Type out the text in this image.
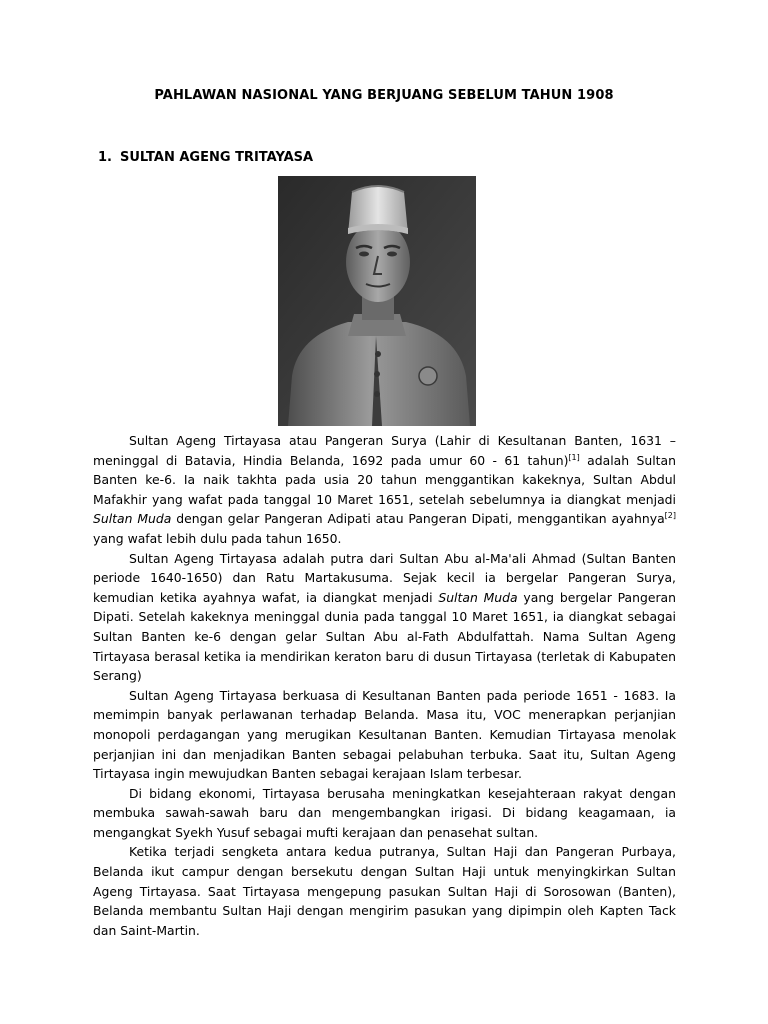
PAHLAWAN NASIONAL YANG BERJUANG SEBELUM TAHUN 1908
1. SULTAN AGENG TRITAYASA

Sultan Ageng Tirtayasa atau Pangeran Surya (Lahir di Kesultanan Banten, 1631 – meninggal di Batavia, Hindia Belanda, 1692 pada umur 60 - 61 tahun)[1] adalah Sultan Banten ke-6. Ia naik takhta pada usia 20 tahun menggantikan kakeknya, Sultan Abdul Mafakhir yang wafat pada tanggal 10 Maret 1651, setelah sebelumnya ia diangkat menjadi Sultan Muda dengan gelar Pangeran Adipati atau Pangeran Dipati, menggantikan ayahnya[2] yang wafat lebih dulu pada tahun 1650.

Sultan Ageng Tirtayasa adalah putra dari Sultan Abu al-Ma'ali Ahmad (Sultan Banten periode 1640-1650) dan Ratu Martakusuma. Sejak kecil ia bergelar Pangeran Surya, kemudian ketika ayahnya wafat, ia diangkat menjadi Sultan Muda yang bergelar Pangeran Dipati. Setelah kakeknya meninggal dunia pada tanggal 10 Maret 1651, ia diangkat sebagai Sultan Banten ke-6 dengan gelar Sultan Abu al-Fath Abdulfattah. Nama Sultan Ageng Tirtayasa berasal ketika ia mendirikan keraton baru di dusun Tirtayasa (terletak di Kabupaten Serang)

Sultan Ageng Tirtayasa berkuasa di Kesultanan Banten pada periode 1651 - 1683. Ia memimpin banyak perlawanan terhadap Belanda. Masa itu, VOC menerapkan perjanjian monopoli perdagangan yang merugikan Kesultanan Banten. Kemudian Tirtayasa menolak perjanjian ini dan menjadikan Banten sebagai pelabuhan terbuka. Saat itu, Sultan Ageng Tirtayasa ingin mewujudkan Banten sebagai kerajaan Islam terbesar.

Di bidang ekonomi, Tirtayasa berusaha meningkatkan kesejahteraan rakyat dengan membuka sawah-sawah baru dan mengembangkan irigasi. Di bidang keagamaan, ia mengangkat Syekh Yusuf sebagai mufti kerajaan dan penasehat sultan.

Ketika terjadi sengketa antara kedua putranya, Sultan Haji dan Pangeran Purbaya, Belanda ikut campur dengan bersekutu dengan Sultan Haji untuk menyingkirkan Sultan Ageng Tirtayasa. Saat Tirtayasa mengepung pasukan Sultan Haji di Sorosowan (Banten), Belanda membantu Sultan Haji dengan mengirim pasukan yang dipimpin oleh Kapten Tack dan Saint-Martin.
